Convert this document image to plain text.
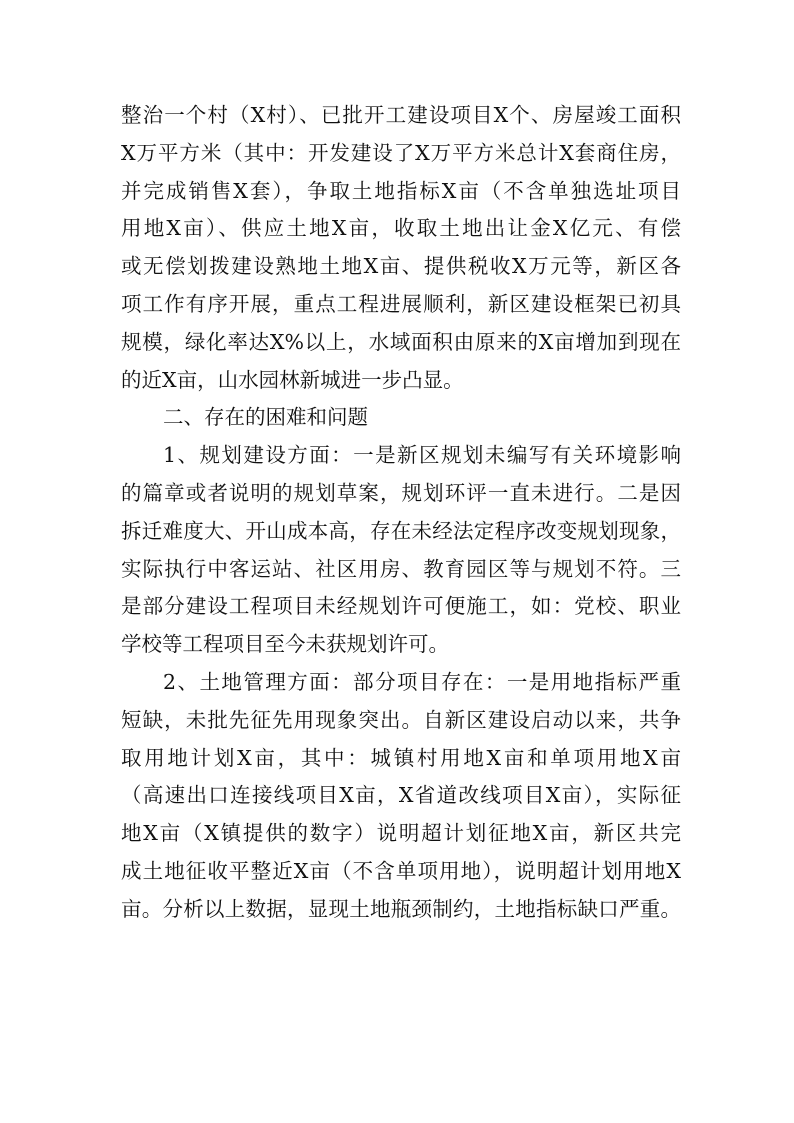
整治一个村（X村）、已批开工建设项目X个、房屋竣工面积
X万平方米（其中：开发建设了X万平方米总计X套商住房，
并完成销售X套），争取土地指标X亩（不含单独选址项目
用地X亩）、供应土地X亩，收取土地出让金X亿元、有偿
或无偿划拨建设熟地土地X亩、提供税收X万元等，新区各
项工作有序开展，重点工程进展顺利，新区建设框架已初具
规模，绿化率达X%以上，水域面积由原来的X亩增加到现在
的近X亩，山水园林新城进一步凸显。
二、存在的困难和问题
1、规划建设方面：一是新区规划未编写有关环境影响
的篇章或者说明的规划草案，规划环评一直未进行。二是因
拆迁难度大、开山成本高，存在未经法定程序改变规划现象，
实际执行中客运站、社区用房、教育园区等与规划不符。三
是部分建设工程项目未经规划许可便施工，如：党校、职业
学校等工程项目至今未获规划许可。
2、土地管理方面：部分项目存在：一是用地指标严重
短缺，未批先征先用现象突出。自新区建设启动以来，共争
取用地计划X亩，其中：城镇村用地X亩和单项用地X亩
（高速出口连接线项目X亩，X省道改线项目X亩），实际征
地X亩（X镇提供的数字）说明超计划征地X亩，新区共完
成土地征收平整近X亩（不含单项用地），说明超计划用地X
亩。分析以上数据，显现土地瓶颈制约，土地指标缺口严重。
